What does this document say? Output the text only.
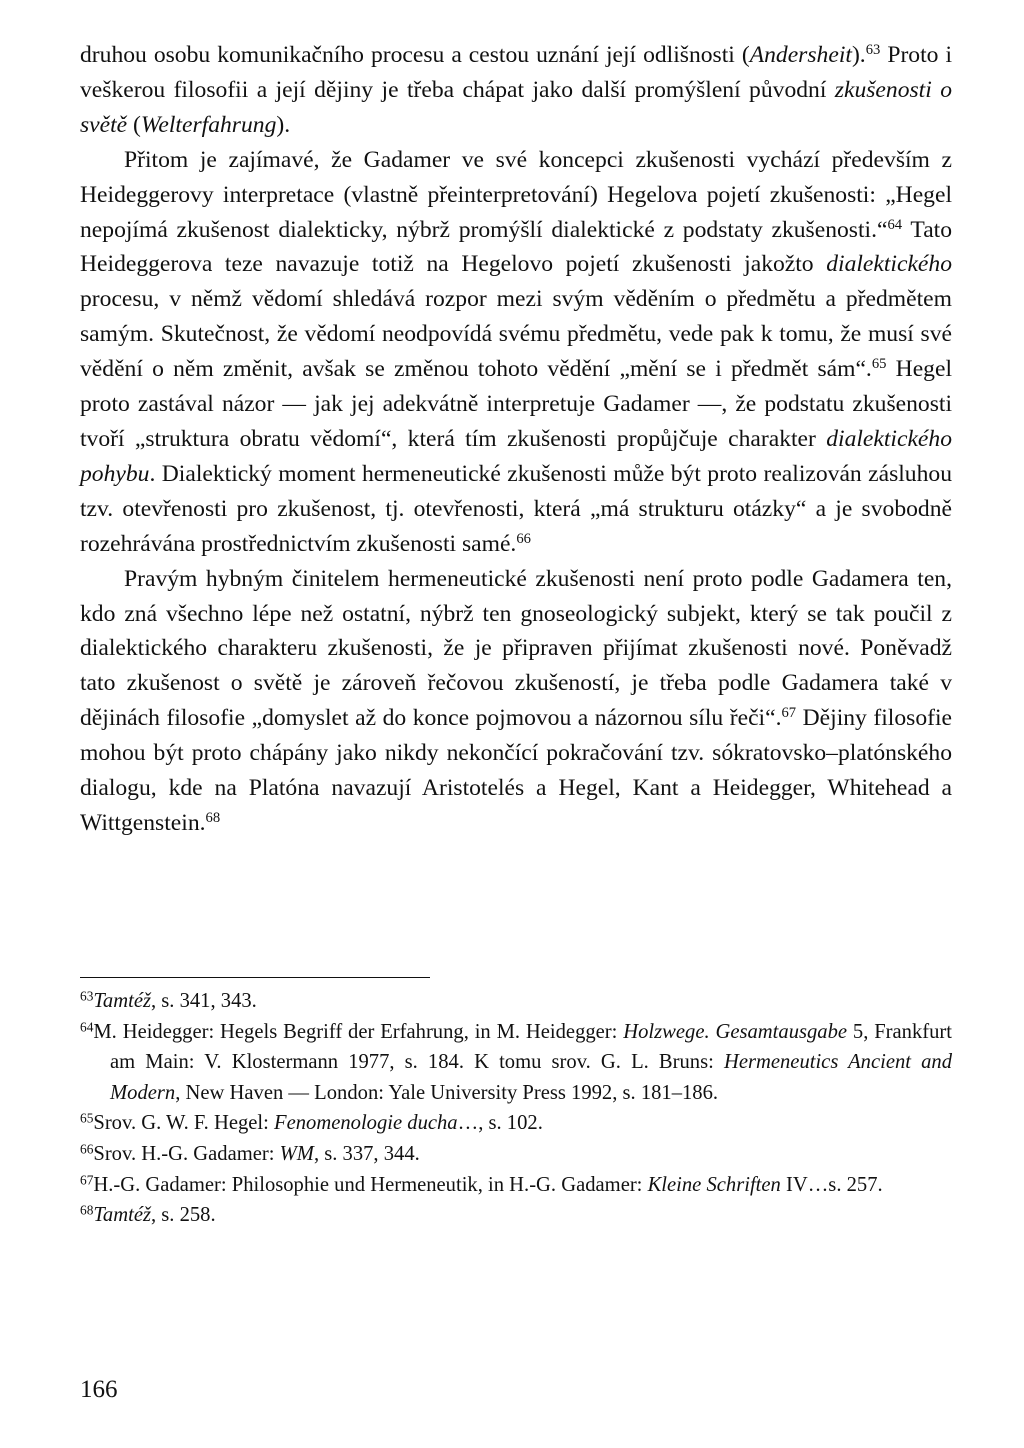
druhou osobu komunikačního procesu a cestou uznání její odlišnosti (Andersheit).$^{63}$ Proto i veškerou filosofii a její dějiny je třeba chápat jako další promýšlení původní zkušenosti o světě (Welterfahrung).

Přitom je zajímavé, že Gadamer ve své koncepci zkušenosti vychází především z Heideggerovy interpretace (vlastně přeinterpretování) Hegelova pojetí zkušenosti: „Hegel nepojímá zkušenost dialekticky, nýbrž promýšlí dialektické z podstaty zkušenosti.“$^{64}$ Tato Heideggerova teze navazuje totiž na Hegelovo pojetí zkušenosti jakožto dialektického procesu, v němž vědomí shledává rozpor mezi svým věděním o předmětu a předmětem samým. Skutečnost, že vědomí neodpovídá svému předmětu, vede pak k tomu, že musí své vědění o něm změnit, avšak se změnou tohoto vědění „mění se i předmět sám“.$^{65}$ Hegel proto zastával názor — jak jej adekvátně interpretuje Gadamer —, že podstatu zkušenosti tvoří „struktura obratu vědomí“, která tím zkušenosti propůjčuje charakter dialektického pohybu. Dialektický moment hermeneutické zkušenosti může být proto realizován zásluhou tzv. otevřenosti pro zkušenost, tj. otevřenosti, která „má strukturu otázky“ a je svobodně rozehrávána prostřednictvím zkušenosti samé.$^{66}$

Pravým hybným činitelem hermeneutické zkušenosti není proto podle Gadamera ten, kdo zná všechno lépe než ostatní, nýbrž ten gnoseologický subjekt, který se tak poučil z dialektického charakteru zkušenosti, že je připraven přijímat zkušenosti nové. Poněvadž tato zkušenost o světě je zároveň řečovou zkušeností, je třeba podle Gadamera také v dějinách filosofie „domyslet až do konce pojmovou a názornou sílu řeči“.$^{67}$ Dějiny filosofie mohou být proto chápány jako nikdy nekončící pokračování tzv. sókratovsko–platónského dialogu, kde na Platóna navazují Aristotelés a Hegel, Kant a Heidegger, Whitehead a Wittgenstein.$^{68}$

$^{63}$Tamtéž, s. 341, 343.

$^{64}$M. Heidegger: Hegels Begriff der Erfahrung, in M. Heidegger: Holzwege. Gesamtausgabe 5, Frankfurt am Main: V. Klostermann 1977, s. 184. K tomu srov. G. L. Bruns: Hermeneutics Ancient and Modern, New Haven — London: Yale University Press 1992, s. 181–186.

$^{65}$Srov. G. W. F. Hegel: Fenomenologie ducha…, s. 102.

$^{66}$Srov. H.-G. Gadamer: WM, s. 337, 344.

$^{67}$H.-G. Gadamer: Philosophie und Hermeneutik, in H.-G. Gadamer: Kleine Schriften IV…s. 257.

$^{68}$Tamtéž, s. 258.

166
